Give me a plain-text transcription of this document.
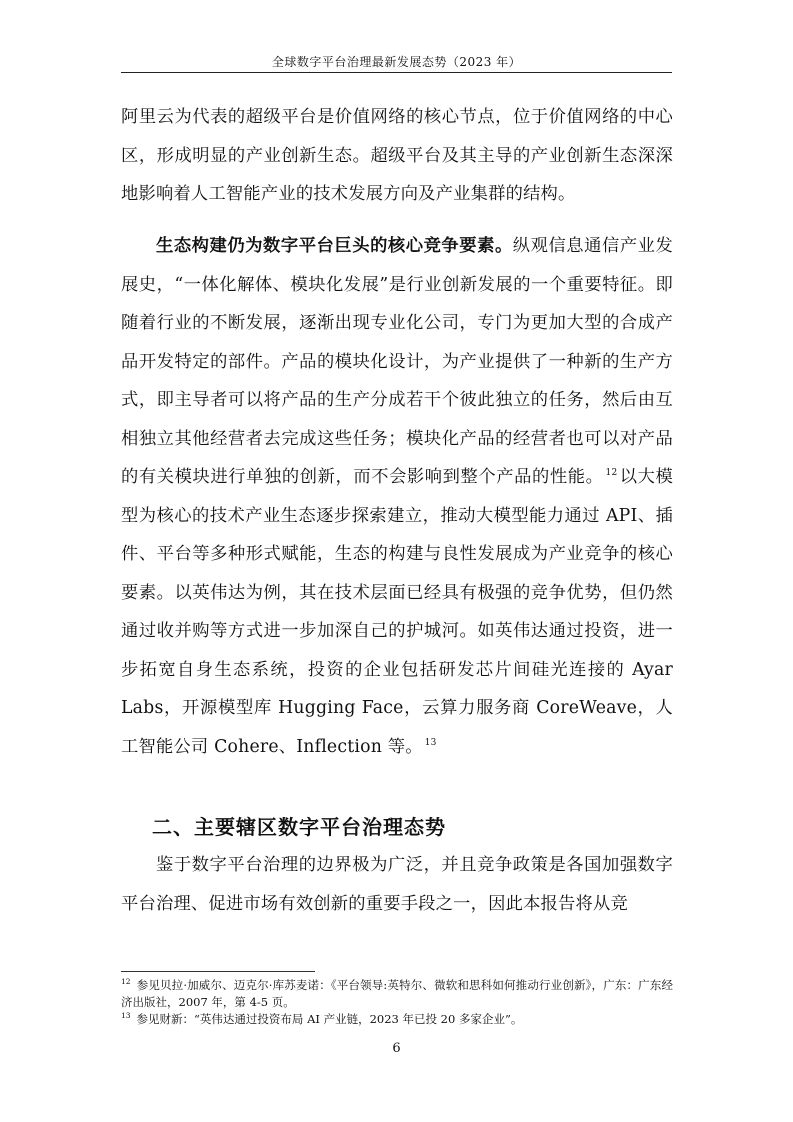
全球数字平台治理最新发展态势（2023 年）

阿里云为代表的超级平台是价值网络的核心节点，位于价值网络的中心区，形成明显的产业创新生态。超级平台及其主导的产业创新生态深深地影响着人工智能产业的技术发展方向及产业集群的结构。

生态构建仍为数字平台巨头的核心竞争要素。纵观信息通信产业发展史，“一体化解体、模块化发展”是行业创新发展的一个重要特征。即随着行业的不断发展，逐渐出现专业化公司，专门为更加大型的合成产品开发特定的部件。产品的模块化设计，为产业提供了一种新的生产方式，即主导者可以将产品的生产分成若干个彼此独立的任务，然后由互相独立其他经营者去完成这些任务；模块化产品的经营者也可以对产品的有关模块进行单独的创新，而不会影响到整个产品的性能。 $^{12}$ 以大模型为核心的技术产业生态逐步探索建立，推动大模型能力通过 API、插件、平台等多种形式赋能，生态的构建与良性发展成为产业竞争的核心要素。以英伟达为例，其在技术层面已经具有极强的竞争优势，但仍然通过收并购等方式进一步加深自己的护城河。如英伟达通过投资，进一步拓宽自身生态系统，投资的企业包括研发芯片间硅光连接的 Ayar Labs，开源模型库 Hugging Face，云算力服务商 CoreWeave，人工智能公司 Cohere、Inflection 等。 $^{13}$

二、主要辖区数字平台治理态势

鉴于数字平台治理的边界极为广泛，并且竞争政策是各国加强数字平台治理、促进市场有效创新的重要手段之一，因此本报告将从竞

$^{12}$ 参见贝拉·加威尔、迈克尔·库苏麦诺：《平台领导:英特尔、微软和思科如何推动行业创新》，广东：广东经济出版社，2007 年，第 4-5 页。

$^{13}$ 参见财新：“英伟达通过投资布局 AI 产业链，2023 年已投 20 多家企业”。

6
